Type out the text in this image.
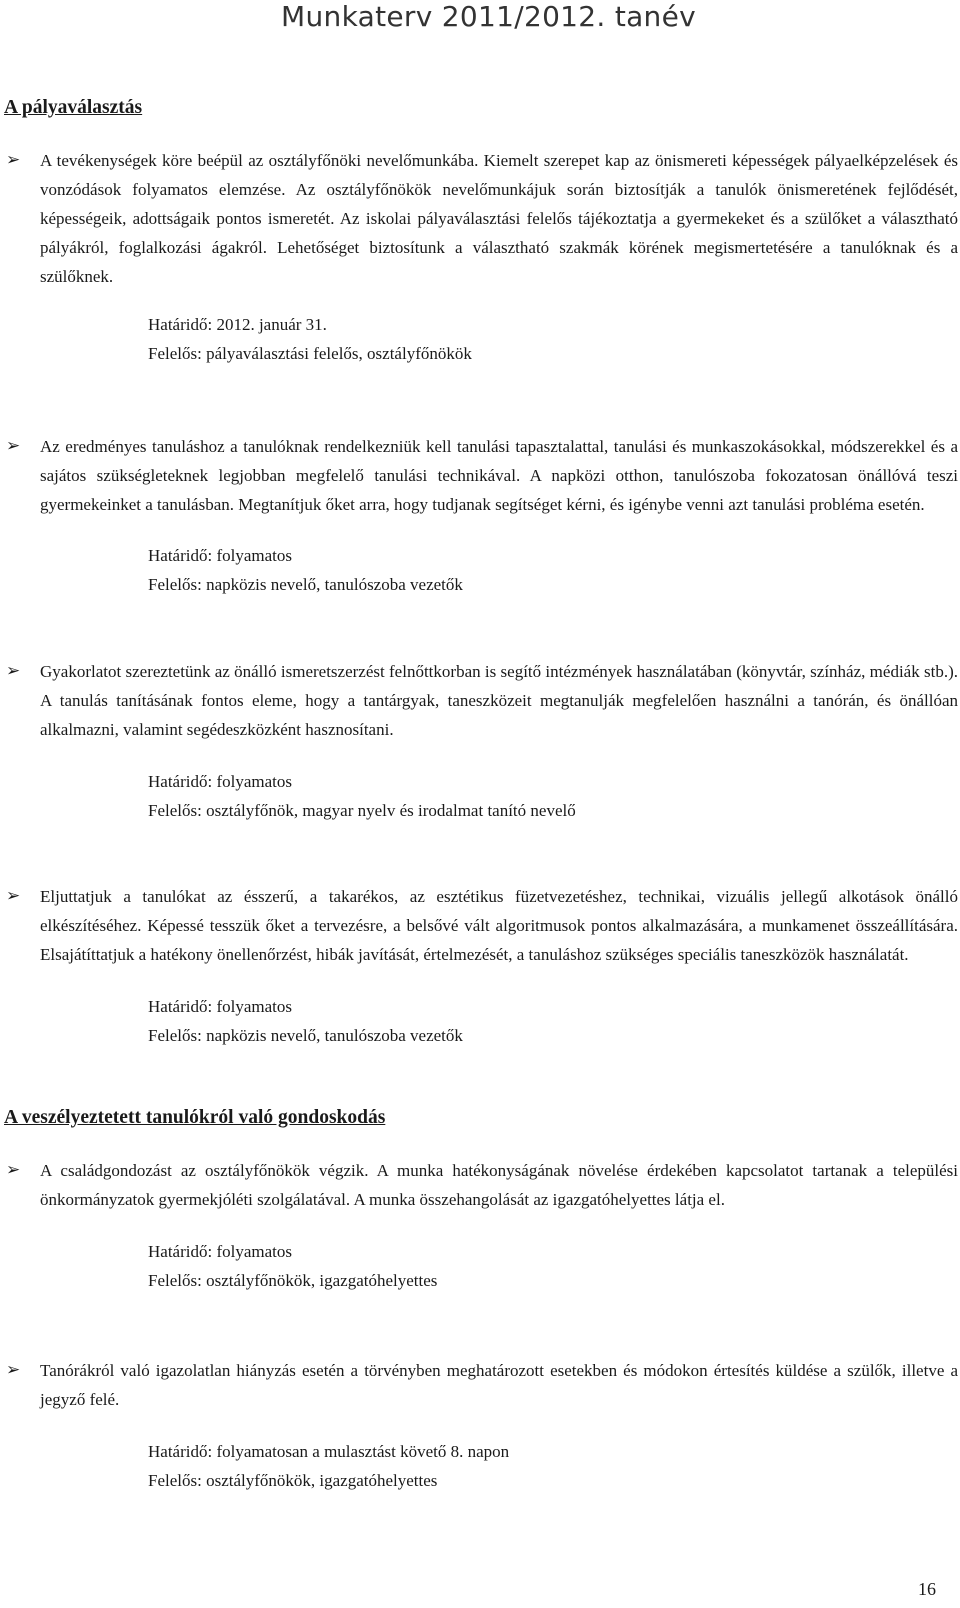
Munkaterv 2011/2012. tanév
A pályaválasztás
➢	A tevékenységek köre beépül az osztályfőnöki nevelőmunkába. Kiemelt szerepet kap az önismereti képességek pályaelképzelések és vonzódások folyamatos elemzése. Az osztályfőnökök nevelőmunkájuk során biztosítják a tanulók önismeretének fejlődését, képességeik, adottságaik pontos ismeretét. Az iskolai pályaválasztási felelős tájékoztatja a gyermekeket és a szülőket a választható pályákról, foglalkozási ágakról. Lehetőséget biztosítunk a választható szakmák körének megismertetésére a tanulóknak és a szülőknek.
Határidő: 2012. január 31.
Felelős: pályaválasztási felelős, osztályfőnökök
➢	Az eredményes tanuláshoz a tanulóknak rendelkezniük kell tanulási tapasztalattal, tanulási és munkaszokásokkal, módszerekkel és a sajátos szükségleteknek legjobban megfelelő tanulási technikával. A napközi otthon, tanulószoba fokozatosan önállóvá teszi gyermekeinket a tanulásban. Megtanítjuk őket arra, hogy tudjanak segítséget kérni, és igénybe venni azt tanulási probléma esetén.
Határidő: folyamatos
Felelős: napközis nevelő, tanulószoba vezetők
➢	Gyakorlatot szereztetünk az önálló ismeretszerzést felnőttkorban is segítő intézmények használatában (könyvtár, színház, médiák stb.). A tanulás tanításának fontos eleme, hogy a tantárgyak, taneszközeit megtanulják megfelelően használni a tanórán, és önállóan alkalmazni, valamint segédeszközként hasznosítani.
Határidő: folyamatos
Felelős: osztályfőnök, magyar nyelv és irodalmat tanító nevelő
➢	Eljuttatjuk a tanulókat az ésszerű, a takarékos, az esztétikus füzetvezetéshez, technikai, vizuális jellegű alkotások önálló elkészítéséhez. Képessé tesszük őket a tervezésre, a belsővé vált algoritmusok pontos alkalmazására, a munkamenet összeállítására. Elsajátíttatjuk a hatékony önellenőrzést, hibák javítását, értelmezését, a tanuláshoz szükséges speciális taneszközök használatát.
Határidő: folyamatos
Felelős: napközis nevelő, tanulószoba vezetők
A veszélyeztetett tanulókról való gondoskodás
➢	A családgondozást az osztályfőnökök végzik. A munka hatékonyságának növelése érdekében kapcsolatot tartanak a települési önkormányzatok gyermekjóléti szolgálatával. A munka összehangolását az igazgatóhelyettes látja el.
Határidő: folyamatos
Felelős: osztályfőnökök, igazgatóhelyettes
➢	Tanórákról való igazolatlan hiányzás esetén a törvényben meghatározott esetekben és módokon értesítés küldése a szülők, illetve a jegyző felé.
Határidő: folyamatosan a mulasztást követő 8. napon
Felelős: osztályfőnökök, igazgatóhelyettes
16
